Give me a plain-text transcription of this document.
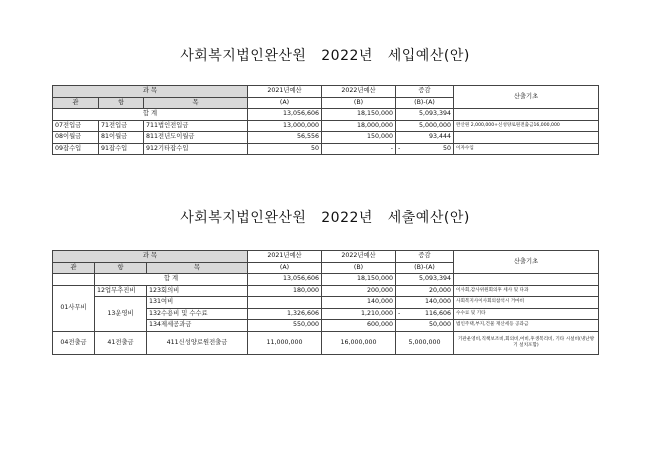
사회복지법인완산원   2022년   세입예산(안)
과 목			2021년예산	2022년예산	증감	산출기초
관	항	목	(A)	(B)	(B)-(A)	
합 계			13,056,606	18,150,000	5,093,394	
07전입금	71전입금	711법인전입금	13,000,000	18,000,000	5,000,000	완산원 2,000,000+신성양로원전출금16,000,000
08이월금	81이월금	811전년도이월금	56,556	150,000	93,444	
09잡수입	91잡수입	912기타잡수입	50	-	- 50	이자수입
사회복지법인완산원   2022년   세출예산(안)
과 목			2021년예산	2022년예산	증감	산출기초
관	항	목	(A)	(B)	(B)-(A)	
	합 계		13,056,606	18,150,000	5,093,394	
01사무비	12업무추진비	123회의비	180,000	200,000	20,000	이사회,감사위원회의후 세사 및 다과
	13운영비	131여비		140,000	140,000	사회복지사이사회의참석시 거마비
		132수용비 및 수수료	1,326,606	1,210,000	- 116,606	수수료 및 기타
		134제세공과금	550,000	600,000	50,000	법인주택,부지,건물 재산세등 공과금
04전출금	41전출금	411신성양로원전출금	11,000,000	16,000,000	5,000,000	기관운영비,직책보조비,회의비,여비,후생복리비, 기타 시설비(냉난방기 설치포함)
